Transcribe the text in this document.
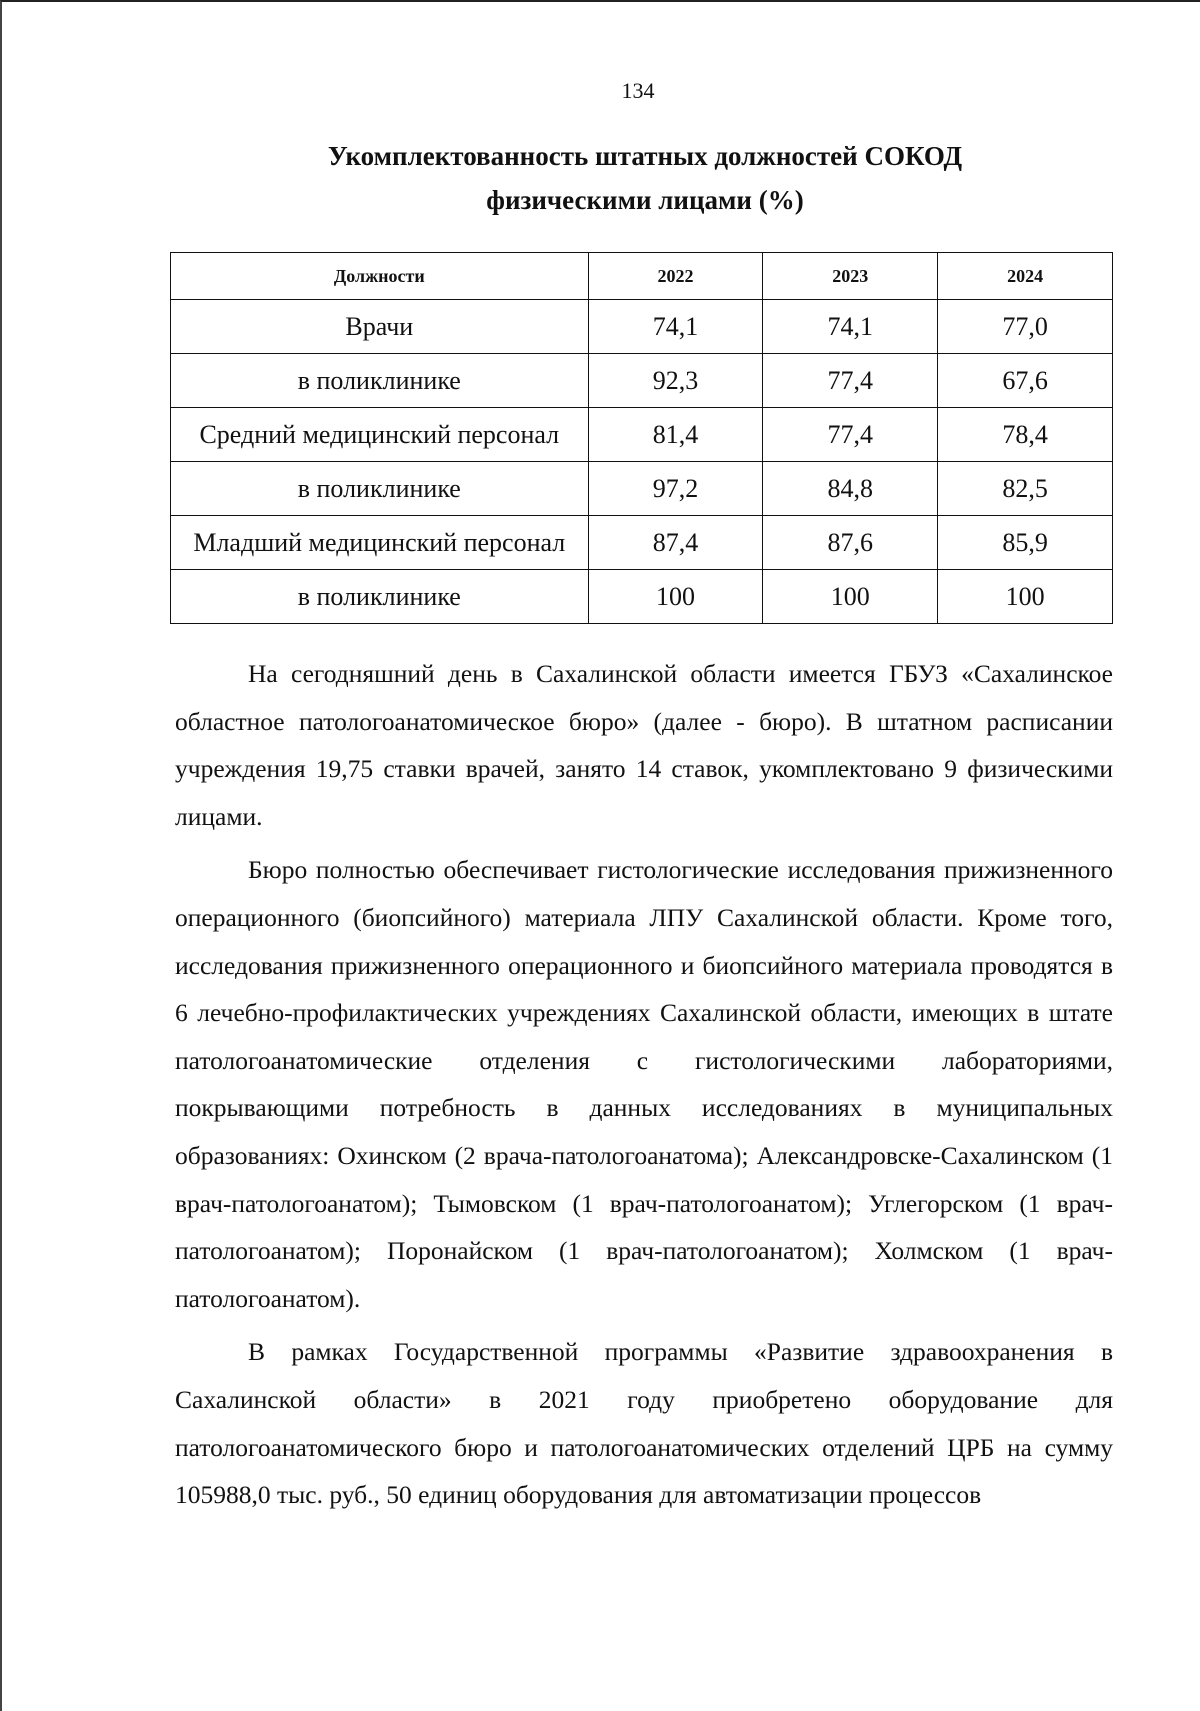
134
Укомплектованность штатных должностей СОКОД
физическими лицами (%)
Должности	2022	2023	2024
Врачи	74,1	74,1	77,0
в поликлинике	92,3	77,4	67,6
Средний медицинский персонал	81,4	77,4	78,4
в поликлинике	97,2	84,8	82,5
Младший медицинский персонал	87,4	87,6	85,9
в поликлинике	100	100	100

На сегодняшний день в Сахалинской области имеется ГБУЗ «Сахалинское областное патологоанатомическое бюро» (далее - бюро). В штатном расписании учреждения 19,75 ставки врачей, занято 14 ставок, укомплектовано 9 физическими лицами.

Бюро полностью обеспечивает гистологические исследования прижизненного операционного (биопсийного) материала ЛПУ Сахалинской области. Кроме того, исследования прижизненного операционного и биопсийного материала проводятся в 6 лечебно-профилактических учреждениях Сахалинской области, имеющих в штате патологоанатомические отделения с гистологическими лабораториями, покрывающими потребность в данных исследованиях в муниципальных образованиях: Охинском (2 врача-патологоанатома); Александровске-Сахалинском (1 врач-патологоанатом); Тымовском (1 врач-патологоанатом); Углегорском (1 врач-патологоанатом); Поронайском (1 врач-патологоанатом); Холмском (1 врач-патологоанатом).

В рамках Государственной программы «Развитие здравоохранения в Сахалинской области» в 2021 году приобретено оборудование для патологоанатомического бюро и патологоанатомических отделений ЦРБ на сумму 105988,0 тыс. руб., 50 единиц оборудования для автоматизации процессов
